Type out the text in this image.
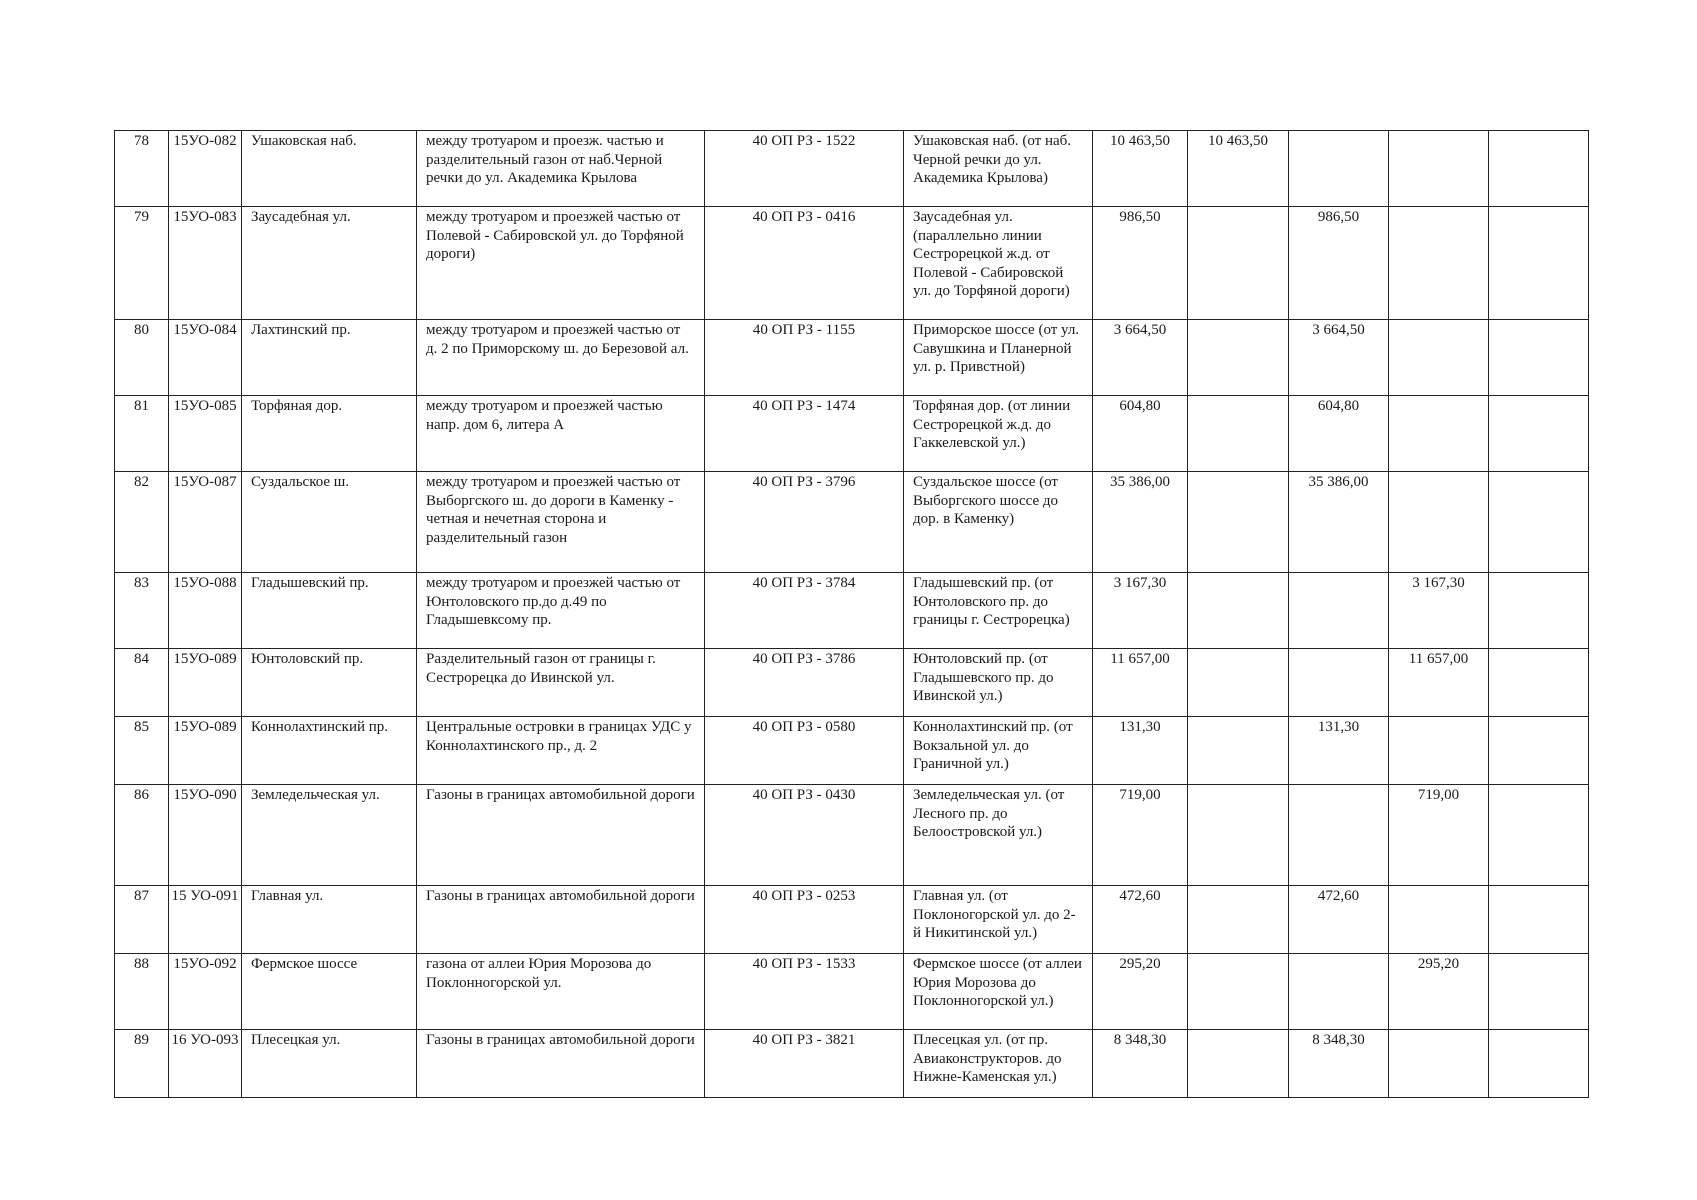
78	15УО-082	Ушаковская наб.	между тротуаром и проезж. частью и разделительный газон от наб.Черной речки до ул. Академика Крылова	40 ОП РЗ - 1522	Ушаковская наб. (от наб. Черной речки до ул. Академика Крылова)	10 463,50	10 463,50			
79	15УО-083	Заусадебная ул.	между тротуаром и проезжей частью от Полевой - Сабировской ул. до Торфяной дороги)	40 ОП РЗ - 0416	Заусадебная ул. (параллельно линии Сестрорецкой ж.д. от Полевой - Сабировской ул. до Торфяной дороги)	986,50		986,50		
80	15УО-084	Лахтинский пр.	между тротуаром и проезжей частью от д. 2 по Приморскому ш. до Березовой ал.	40 ОП РЗ - 1155	Приморское шоссе (от ул. Савушкина и Планерной ул. р. Привстной)	3 664,50		3 664,50		
81	15УО-085	Торфяная дор.	между тротуаром и проезжей частью напр. дом 6, литера А	40 ОП РЗ - 1474	Торфяная дор. (от линии Сестрорецкой ж.д. до Гаккелевской ул.)	604,80		604,80		
82	15УО-087	Суздальское ш.	между тротуаром и проезжей частью от Выборгского ш. до дороги в Каменку - четная и нечетная сторона и разделительный газон	40 ОП РЗ - 3796	Суздальское шоссе (от Выборгского шоссе до дор. в Каменку)	35 386,00		35 386,00		
83	15УО-088	Гладышевский пр.	между тротуаром и проезжей частью от Юнтоловского пр.до д.49 по Гладышевксому пр.	40 ОП РЗ - 3784	Гладышевский пр. (от Юнтоловского пр. до границы г. Сестрорецка)	3 167,30			3 167,30	
84	15УО-089	Юнтоловский пр.	Разделительный газон от границы г. Сестрорецка до Ивинской ул.	40 ОП РЗ - 3786	Юнтоловский пр. (от Гладышевского пр. до Ивинской ул.)	11 657,00			11 657,00	
85	15УО-089	Коннолахтинский пр.	Центральные островки в границах УДС у Коннолахтинского пр., д. 2	40 ОП РЗ - 0580	Коннолахтинский пр. (от Вокзальной ул. до Граничной ул.)	131,30		131,30		
86	15УО-090	Земледельческая ул.	Газоны в границах автомобильной дороги	40 ОП РЗ - 0430	Земледельческая ул. (от Лесного пр. до Белоостровской ул.)	719,00			719,00	
87	15 УО-091	Главная ул.	Газоны в границах автомобильной дороги	40 ОП РЗ - 0253	Главная ул. (от Поклоногорской ул. до 2-й Никитинской ул.)	472,60		472,60		
88	15УО-092	Фермское шоссе	газона от аллеи Юрия Морозова до Поклонногорской ул.	40 ОП РЗ - 1533	Фермское шоссе (от аллеи Юрия Морозова до Поклонногорской ул.)	295,20			295,20	
89	16 УО-093	Плесецкая ул.	Газоны в границах автомобильной дороги	40 ОП РЗ - 3821	Плесецкая ул. (от пр. Авиаконструкторов. до Нижне-Каменская ул.)	8 348,30		8 348,30		
